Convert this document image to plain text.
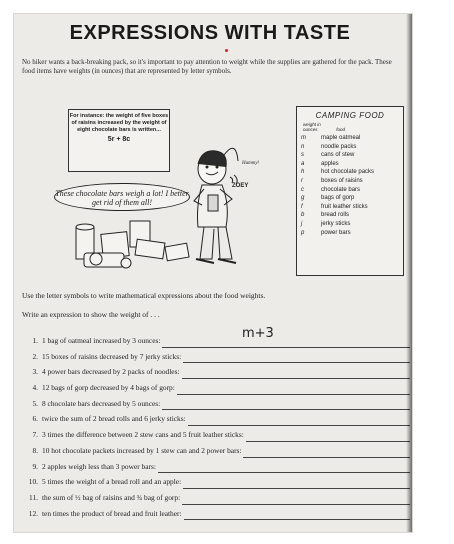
EXPRESSIONS WITH TASTE
No hiker wants a back-breaking pack, so it's important to pay attention to weight while the supplies are gathered for the pack. These food items have weights (in ounces) that are represented by letter symbols.
For instance: the weight of five boxes of raisins increased by the weight of eight chocolate bars is written...
5r + 8c
Hummy!
These chocolate bars weigh a lot! I better get rid of them all!
ZOEY
CAMPING FOOD
weight in ounces	food
m	maple oatmeal
n	noodle packs
s	cans of stew
a	apples
h	hot chocolate packs
r	boxes of raisins
c	chocolate bars
g	bags of gorp
f	fruit leather sticks
b	bread rolls
j	jerky sticks
p	power bars
Use the letter symbols to write mathematical expressions about the food weights.
Write an expression to show the weight of . . .
1. 1 bag of oatmeal increased by 3 ounces:	m+3
2. 15 boxes of raisins decreased by 7 jerky sticks:
3. 4 power bars decreased by 2 packs of noodles:
4. 12 bags of gorp decreased by 4 bags of gorp:
5. 8 chocolate bars decreased by 5 ounces:
6. twice the sum of 2 bread rolls and 6 jerky sticks:
7. 3 times the difference between 2 stew cans and 5 fruit leather sticks:
8. 10 hot chocolate packets increased by 1 stew can and 2 power bars:
9. 2 apples weigh less than 3 power bars:
10. 5 times the weight of a bread roll and an apple:
11. the sum of ½ bag of raisins and ¾ bag of gorp:
12. ten times the product of bread and fruit leather:
